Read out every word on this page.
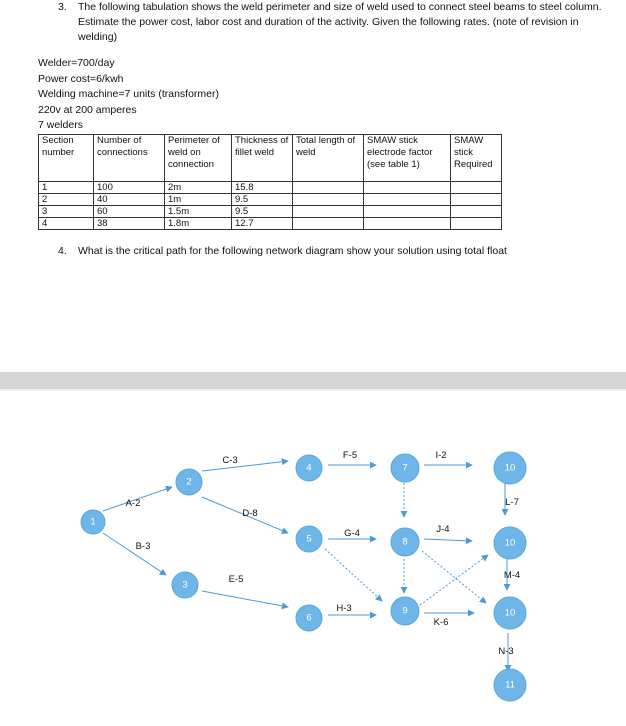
3. The following tabulation shows the weld perimeter and size of weld used to connect steel beams to steel column. Estimate the power cost, labor cost and duration of the activity. Given the following rates. (note of revision in welding)
Welder=700/day
Power cost=6/kwh
Welding machine=7 units (transformer)
220v at 200 amperes
7 welders
Section number	Number of connections	Perimeter of weld on connection	Thickness of fillet weld	Total length of weld	SMAW stick electrode factor (see table 1)	SMAW stick Required
1	100	2m	15.8			
2	40	1m	9.5			
3	60	1.5m	9.5			
4	38	1.8m	12.7			
4. What is the critical path for the following network diagram show your solution using total float
A-2
B-3
C-3
D-8
E-5
F-5
G-4
H-3
I-2
J-4
K-6
L-7
M-4
N-3
1
2
3
4
5
6
7
8
9
10
10
10
11
